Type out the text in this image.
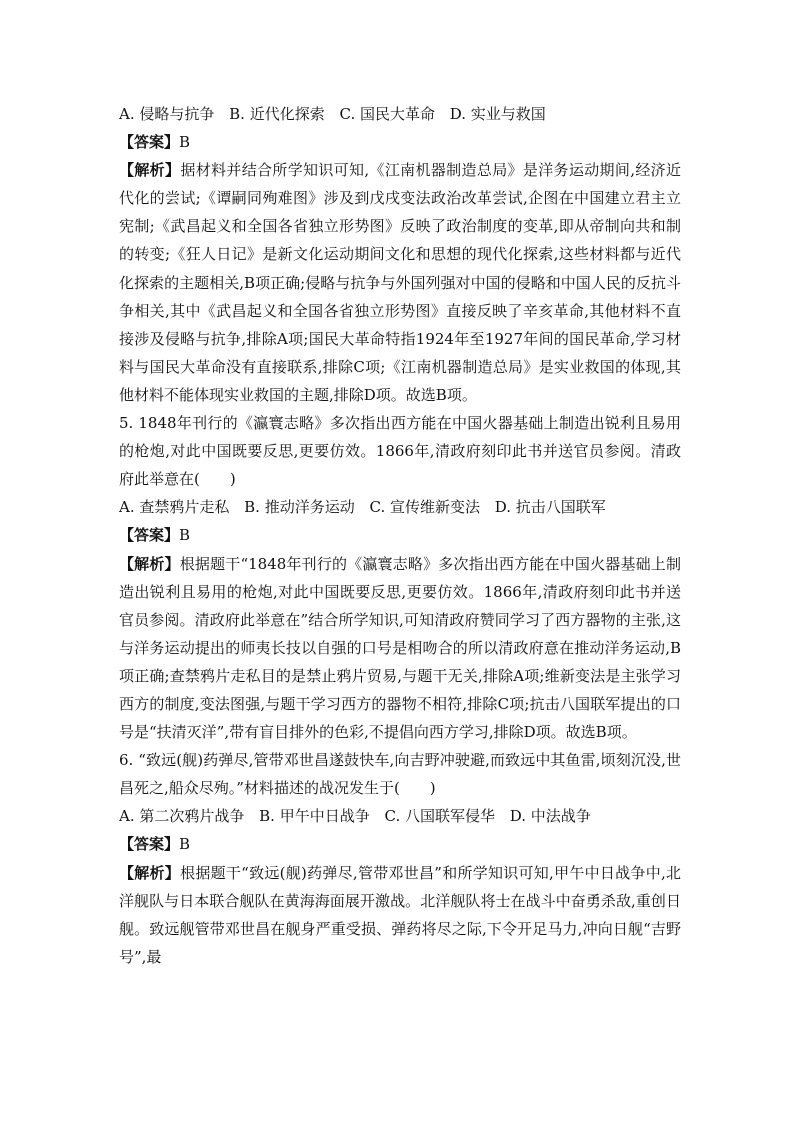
A. 侵略与抗争 B. 近代化探索 C. 国民大革命 D. 实业与救国

【答案】B

【解析】据材料并结合所学知识可知,《江南机器制造总局》是洋务运动期间,经济近代化的尝试;《谭嗣同殉难图》涉及到戊戌变法政治改革尝试,企图在中国建立君主立宪制;《武昌起义和全国各省独立形势图》反映了政治制度的变革,即从帝制向共和制的转变;《狂人日记》是新文化运动期间文化和思想的现代化探索,这些材料都与近代化探索的主题相关,B项正确;侵略与抗争与外国列强对中国的侵略和中国人民的反抗斗争相关,其中《武昌起义和全国各省独立形势图》直接反映了辛亥革命,其他材料不直接涉及侵略与抗争,排除A项;国民大革命特指1924年至1927年间的国民革命,学习材料与国民大革命没有直接联系,排除C项;《江南机器制造总局》是实业救国的体现,其他材料不能体现实业救国的主题,排除D项。故选B项。

5. 1848年刊行的《瀛寰志略》多次指出西方能在中国火器基础上制造出锐利且易用的枪炮,对此中国既要反思,更要仿效。1866年,清政府刻印此书并送官员参阅。清政府此举意在(　　)

A. 查禁鸦片走私 B. 推动洋务运动 C. 宣传维新变法 D. 抗击八国联军

【答案】B

【解析】根据题干“1848年刊行的《瀛寰志略》多次指出西方能在中国火器基础上制造出锐利且易用的枪炮,对此中国既要反思,更要仿效。1866年,清政府刻印此书并送官员参阅。清政府此举意在”结合所学知识,可知清政府赞同学习了西方器物的主张,这与洋务运动提出的师夷长技以自强的口号是相吻合的所以清政府意在推动洋务运动,B项正确;查禁鸦片走私目的是禁止鸦片贸易,与题干无关,排除A项;维新变法是主张学习西方的制度,变法图强,与题干学习西方的器物不相符,排除C项;抗击八国联军提出的口号是“扶清灭洋”,带有盲目排外的色彩,不提倡向西方学习,排除D项。故选B项。

6. “致远(舰)药弹尽,管带邓世昌遂鼓快车,向吉野冲驶避,而致远中其鱼雷,顷刻沉没,世昌死之,船众尽殉。”材料描述的战况发生于(　　)

A. 第二次鸦片战争 B. 甲午中日战争 C. 八国联军侵华 D. 中法战争

【答案】B

【解析】根据题干“致远(舰)药弹尽,管带邓世昌”和所学知识可知,甲午中日战争中,北洋舰队与日本联合舰队在黄海海面展开激战。北洋舰队将士在战斗中奋勇杀敌,重创日舰。致远舰管带邓世昌在舰身严重受损、弹药将尽之际,下令开足马力,冲向日舰“吉野号”,最
